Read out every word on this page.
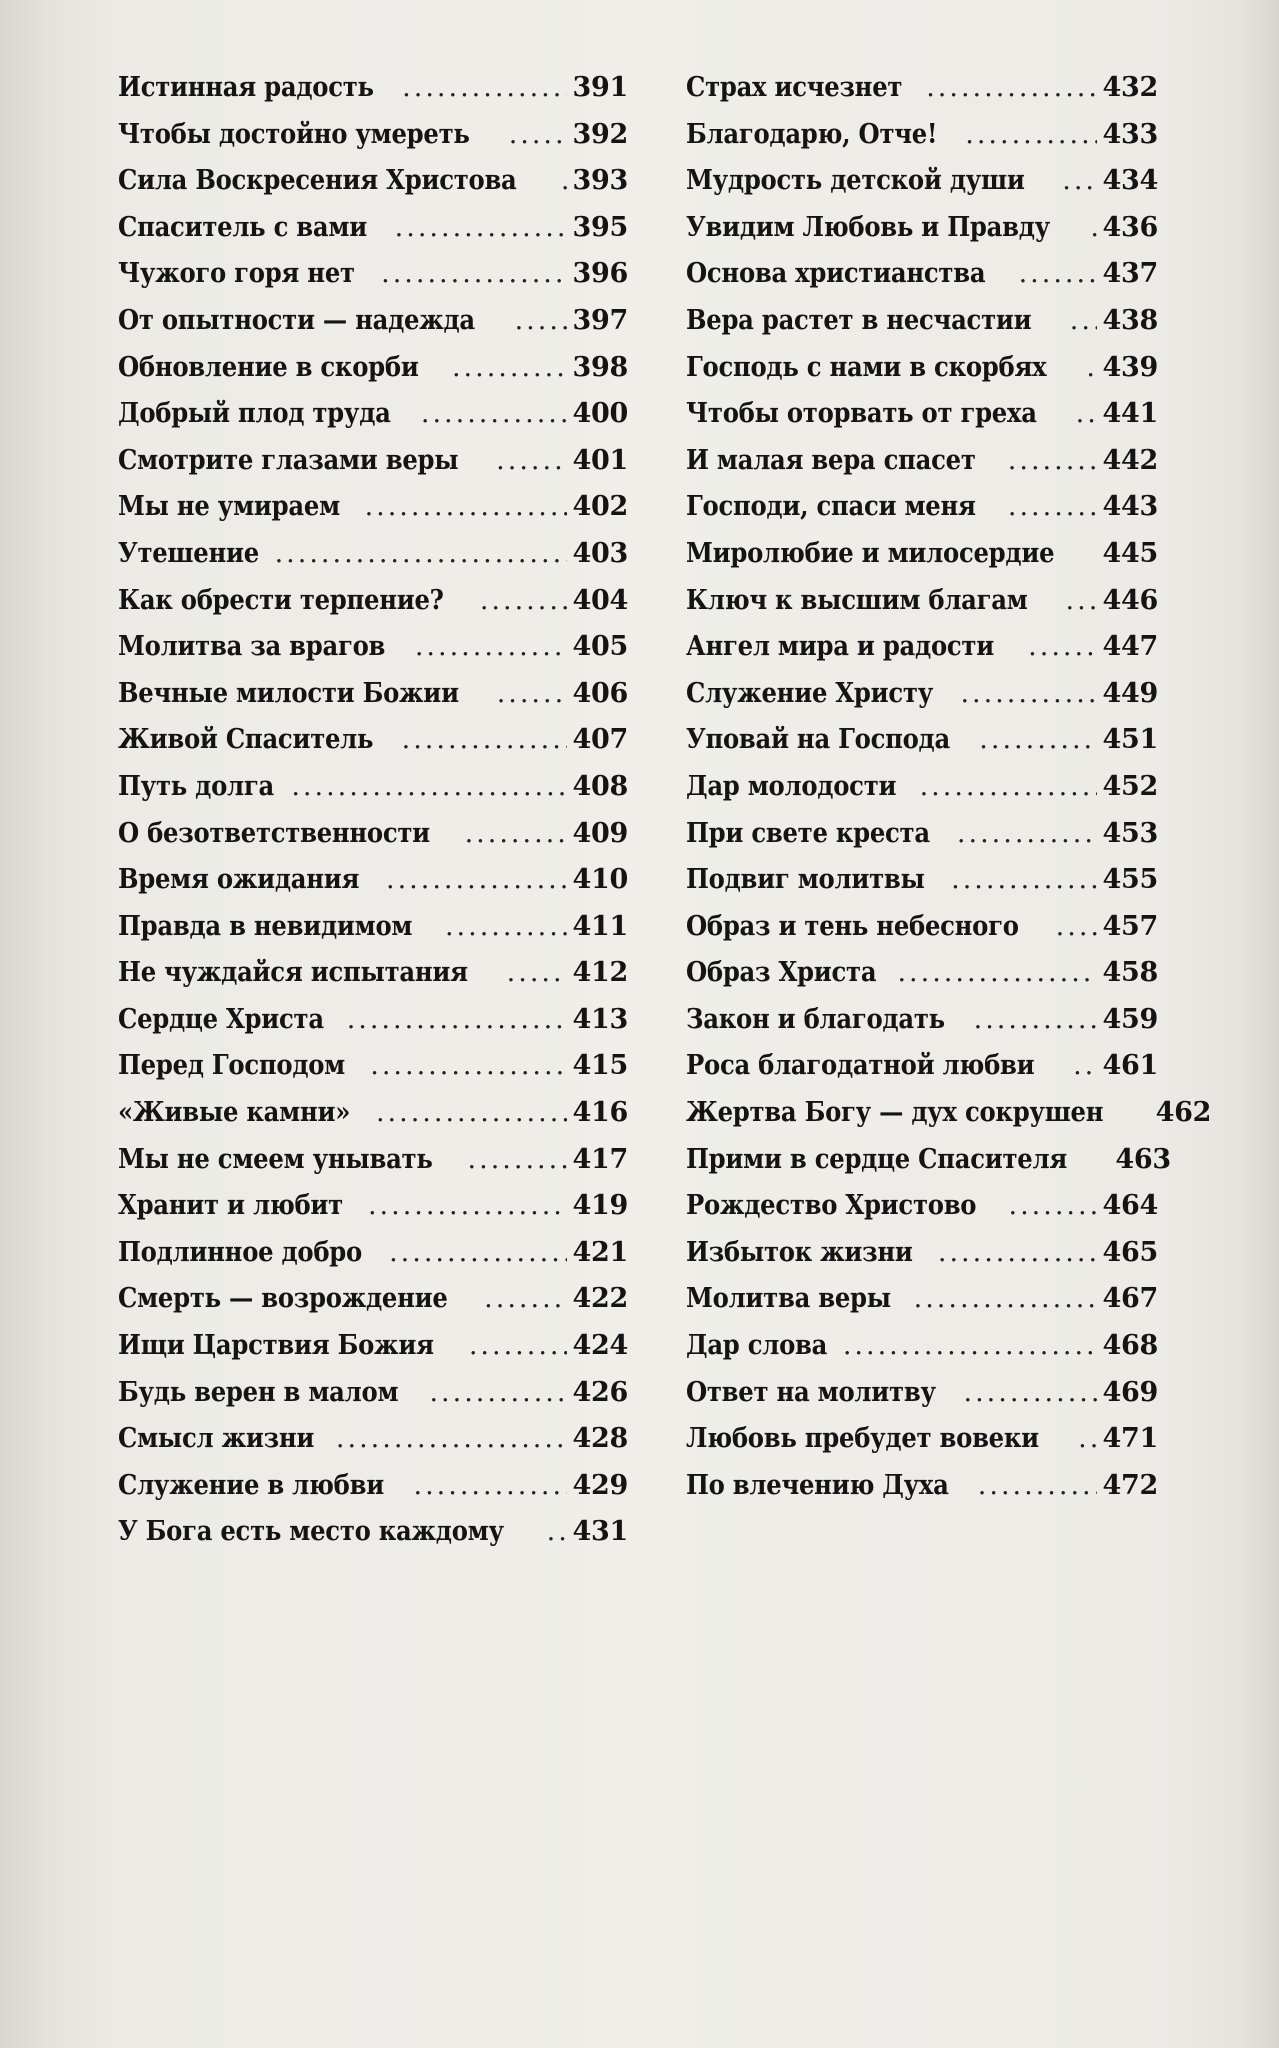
Истинная радость .....	391
Чтобы достойно умереть .....	392
Сила Воскресения Христова ..... 393
Спаситель с вами .....	395
Чужого горя нет .....	396
От опытности — надежда .....	397
Обновление в скорби .....	398
Добрый плод труда .....	400
Смотрите глазами веры .....	401
Мы не умираем .....	402
Утешение .....	403
Как обрести терпение? .....	404
Молитва за врагов .....	405
Вечные милости Божии .....	406
Живой Спаситель .....	407
Путь долга .....	408
О безответственности .....	409
Время ожидания .....	410
Правда в невидимом .....	411
Не чуждайся испытания .....	412
Сердце Христа .....	413
Перед Господом .....	415
«Живые камни» .....	416
Мы не смеем унывать .....	417
Хранит и любит .....	419
Подлинное добро .....	421
Смерть — возрождение .....	422
Ищи Царствия Божия .....	424
Будь верен в малом .....	426
Смысл жизни .....	428
Служение в любви .....	429
У Бога есть место каждому .....	431
Страх исчезнет .....	432
Благодарю, Отче! .....	433
Мудрость детской души .....	434
Увидим Любовь и Правду ..... 436
Основа христианства .....	437
Вера растет в несчастии .....	438
Господь с нами в скорбях ..... 439
Чтобы оторвать от греха ..... 441
И малая вера спасет .....	442
Господи, спаси меня .....	443
Миролюбие и милосердие ..... 445
Ключ к высшим благам .....	446
Ангел мира и радости .....	447
Служение Христу .....	449
Уповай на Господа .....	451
Дар молодости .....	452
При свете креста .....	453
Подвиг молитвы .....	455
Образ и тень небесного .....	457
Образ Христа .....	458
Закон и благодать .....	459
Роса благодатной любви .....	461
Жертва Богу — дух сокрушен 462
Прими в сердце Спасителя 463
Рождество Христово .....	464
Избыток жизни .....	465
Молитва веры .....	467
Дар слова .....	468
Ответ на молитву .....	469
Любовь пребудет вовеки ..... 471
По влечению Духа .....	472
